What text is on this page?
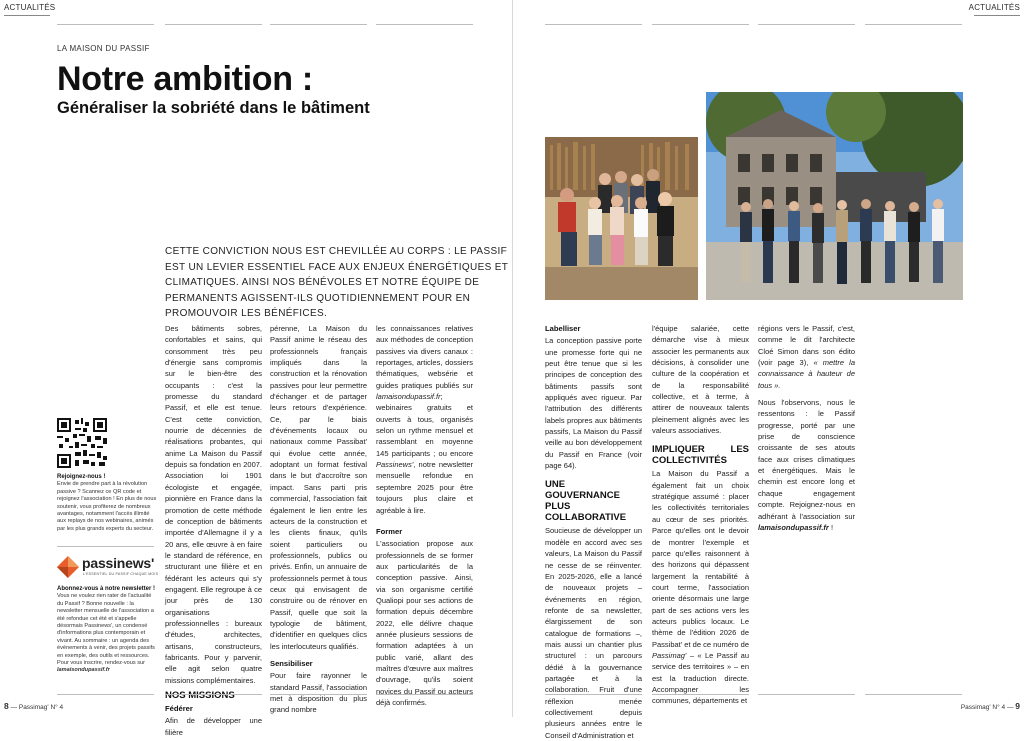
ACTUALITÉS	ACTUALITÉS
LA MAISON DU PASSIF
Notre ambition :
Généraliser la sobriété dans le bâtiment
CETTE CONVICTION NOUS EST CHEVILLÉE AU CORPS : LE PASSIF EST UN LEVIER ESSENTIEL FACE AUX ENJEUX ÉNERGÉTIQUES ET CLIMATIQUES. AINSI NOS BÉNÉVOLES ET NOTRE ÉQUIPE DE PERMANENTS AGISSENT-ILS QUOTIDIENNEMENT POUR EN PROMOUVOIR LES BÉNÉFICES.
Rejoignez-nous !
Envie de prendre part à la révolution passive ? Scannez ce QR code et rejoignez l'association ! En plus de nous soutenir, vous profiterez de nombreux avantages, notamment l'accès illimité aux replays de nos webinaires, animés par les plus grands experts du secteur.
passinews'
L'ESSENTIEL DU PASSIF CHAQUE MOIS
Abonnez-vous à notre newsletter !
Vous ne voulez rien rater de l'actualité du Passif ? Bonne nouvelle : la newsletter mensuelle de l'association a été refondue cet été et s'appelle désormais Passinews', un condensé d'informations plus contemporain et vivant. Au sommaire : un agenda des événements à venir, des projets passifs en exemple, des outils et ressources. Pour vous inscrire, rendez-vous sur
lamaisondupassif.fr

Des bâtiments sobres, confortables et sains, qui consomment très peu d'énergie sans compromis sur le bien-être des occupants : c'est la promesse du standard Passif, et elle est tenue. C'est cette conviction, nourrie de décennies de réalisations probantes, qui anime La Maison du Passif depuis sa fondation en 2007. Association loi 1901 écologiste et engagée, pionnière en France dans la promotion de cette méthode de conception de bâtiments importée d'Allemagne il y a 20 ans, elle œuvre à en faire le standard de référence, en structurant une filière et en fédérant les acteurs qui s'y engagent. Elle regroupe à ce jour près de 130 organisations professionnelles : bureaux d'études, architectes, artisans, constructeurs, fabricants. Pour y parvenir, elle agit selon quatre missions complémentaires.

NOS MISSIONS
Fédérer

Afin de développer une filière

pérenne, La Maison du Passif anime le réseau des professionnels français impliqués dans la construction et la rénovation passives pour leur permettre d'échanger et de partager leurs retours d'expérience. Ce, par le biais d'événements locaux ou nationaux comme Passibat' qui évolue cette année, adoptant un format festival dans le but d'accroître son impact. Sans parti pris commercial, l'association fait également le lien entre les acteurs de la construction et les clients finaux, qu'ils soient particuliers ou professionnels, publics ou privés. Enfin, un annuaire de professionnels permet à tous ceux qui envisagent de construire ou de rénover en Passif, quelle que soit la typologie de bâtiment, d'identifier en quelques clics les interlocuteurs qualifiés.

Sensibiliser

Pour faire rayonner le standard Passif, l'association met à disposition du plus grand nombre

les connaissances relatives aux méthodes de conception passives via divers canaux : reportages, articles, dossiers thématiques, websérie et guides pratiques publiés sur lamaisondupassif.fr; webinaires gratuits et ouverts à tous, organisés selon un rythme mensuel et rassemblant en moyenne 145 participants ; ou encore Passinews', notre newsletter mensuelle refondue en septembre 2025 pour être toujours plus claire et agréable à lire.

Former

L'association propose aux professionnels de se former aux particularités de la conception passive. Ainsi, via son organisme certifié Qualiopi pour ses actions de formation depuis décembre 2022, elle délivre chaque année plusieurs sessions de formation adaptées à un public varié, allant des maîtres d'œuvre aux maîtres d'ouvrage, qu'ils soient novices du Passif ou acteurs déjà confirmés.

Labelliser

La conception passive porte une promesse forte qui ne peut être tenue que si les principes de conception des bâtiments passifs sont appliqués avec rigueur. Par l'attribution des différents labels propres aux bâtiments passifs, La Maison du Passif veille au bon développement du Passif en France (voir page 64).

UNE GOUVERNANCE PLUS COLLABORATIVE

Soucieuse de développer un modèle en accord avec ses valeurs, La Maison du Passif ne cesse de se réinventer. En 2025-2026, elle a lancé de nouveaux projets – événements en région, refonte de sa newsletter, élargissement de son catalogue de formations –, mais aussi un chantier plus structurel : un parcours dédié à la gouvernance partagée et à la collaboration. Fruit d'une réflexion menée collectivement depuis plusieurs années entre le Conseil d'Administration et

l'équipe salariée, cette démarche vise à mieux associer les permanents aux décisions, à consolider une culture de la coopération et de la responsabilité collective, et à terme, à attirer de nouveaux talents pleinement alignés avec les valeurs associatives.

IMPLIQUER LES COLLECTIVITÉS

La Maison du Passif a également fait un choix stratégique assumé : placer les collectivités territoriales au cœur de ses priorités. Parce qu'elles ont le devoir de montrer l'exemple et parce qu'elles raisonnent à des horizons qui dépassent largement la rentabilité à court terme, l'association oriente désormais une large part de ses actions vers les acteurs publics locaux. Le thème de l'édition 2026 de Passibat' et de ce numéro de Passimag' – « Le Passif au service des territoires » – en est la traduction directe. Accompagner les communes, départements et

régions vers le Passif, c'est, comme le dit l'architecte Cloé Simon dans son édito (voir page 3), « mettre la connaissance à hauteur de tous ».

Nous l'observons, nous le ressentons : le Passif progresse, porté par une prise de conscience croissante de ses atouts face aux crises climatiques et énergétiques. Mais le chemin est encore long et chaque engagement compte. Rejoignez-nous en adhérant à l'association sur lamaisondupassif.fr !

8 — Passimag' N° 4	Passimag' N° 4 — 9
